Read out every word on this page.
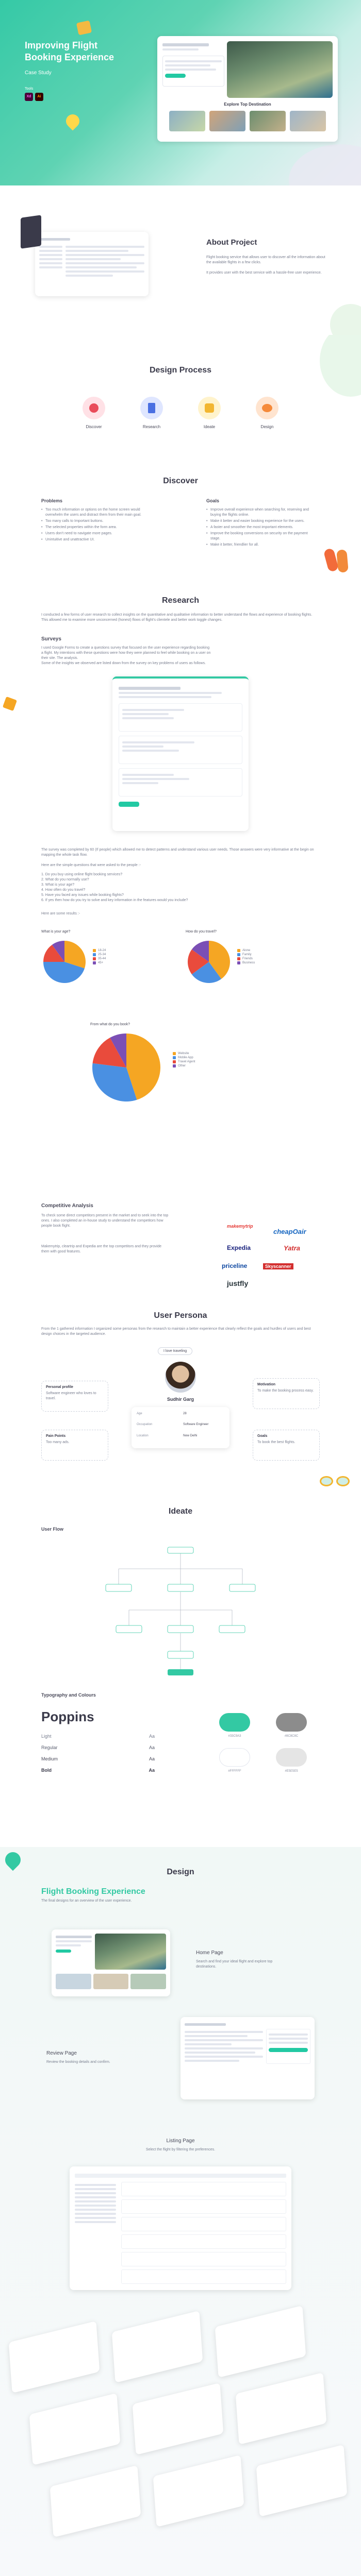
Improving Flight
Booking Experience
Case Study
Tools
Xd	Ai
Explore Top Destination
About Project

Flight booking service that allows user to discover all the information about the available flights in a few clicks.

It provides user with the best service with a hassle-free user experience.

Design Process
Discover	Research	Ideate	Design
Discover
Problems
• Too much information or options on the home screen would overwhelm the users and distract them from their main goal.
• Too many calls to Important buttons.
• The selected properties within the form area.
• Users don't need to navigate more pages.
• Unintuitive and unattractive UI.
Goals
• Improve overall experience when searching for, reserving and buying the flights online.
• Make it better and easier booking experience for the users.
• A faster and smoother the most important elements.
• Improve the booking conversions on security on the payment stage.
• Make it better, friendlier for all.
Research

I conducted a few forms of user research to collect insights on the quantitative and qualitative information to better understand the flows and experience of booking flights. This allowed me to examine more unconcerned (honest) flows of flight's clientele and better work toggle changes.

Surveys

I used Google Forms to create a questions survey that focused on the user experience regarding booking a flight. My intentions with these questions were how they were planned to feel while booking on a user on their site. The analysis.

Some of the insights we observed are listed down from the survey on key problems of users as follows.

The survey was completed by 60 (If people) which allowed me to detect patterns and understand various user needs. Those answers were very informative at the begin on mapping the whole task flow.

Here are the simple questions that were asked to the people :-

1. Do you buy using online flight booking services?

2. What do you normally use?

3. What is your age?

4. How often do you travel?

5. Have you faced any issues while booking flights?

6. If yes then how do you try to solve and key information in the features would you include?

Here are some results :-

What is your age?
18-24
25-34
35-44
45+
How do you travel?
Alone
Family
Friends
Business
From what do you book?
Website
Mobile App
Travel Agent
Other
Competitive Analysis

To check some direct competitors present in the market and to seek into the top ones. I also completed an in-house study to understand the competitors how people book flight.

Makemytrip, cleartrip and Expedia are the top competitors and they provide them with good features.

makemytrip
cheapOair
Expedia	Yatra
priceline	Skyscanner
justfly
User Persona

From the 1 gathered information I organized some personas from the research to maintain a better experience that clearly reflect the goals and hurdles of users and best design choices in the targeted audience.

I love traveling
Sudhir Garg
Age	28
Occupation	Software Engineer
Location	New Delhi
Personal profile
Software engineer who loves to travel.
Motivation
To make the booking process easy.
Pain Points
Too many ads.
Goals
To book the best flights.
Ideate
User Flow
Typography and Colours
Poppins
Light	Aa
Regular	Aa
Medium	Aa
Bold	Aa
#33C9A3	#8C8C8C
#FFFFFF	#E5E5E5
Design
Flight Booking Experience

The final designs for an overview of the user experience.

Home Page

Search and find your ideal flight and explore top destinations.

Review Page

Review the booking details and confirm.

Listing Page

Select the flight by filtering the preferences.
